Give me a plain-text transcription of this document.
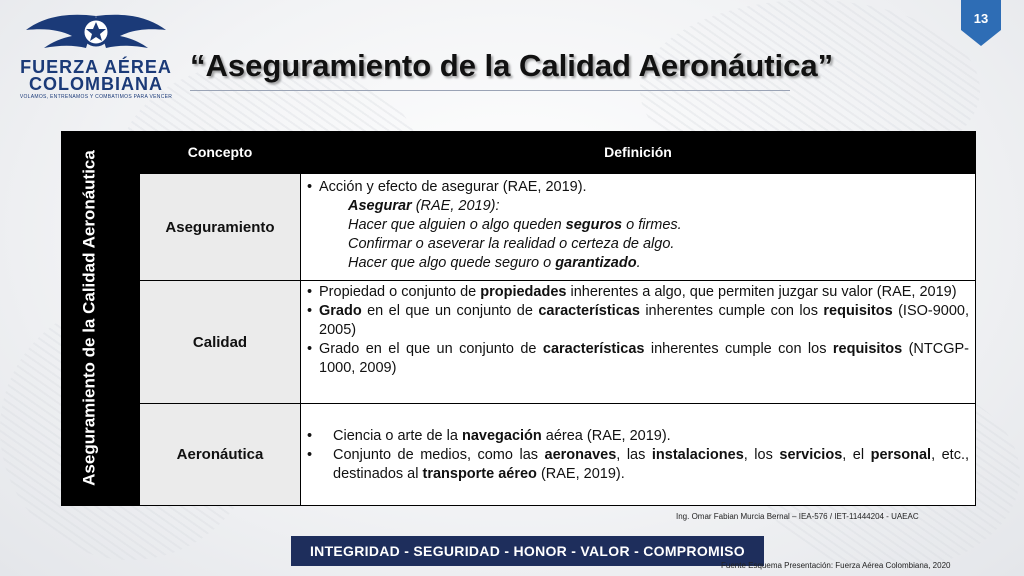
FUERZA AÉREA
COLOMBIANA
VOLAMOS, ENTRENAMOS Y COMBATIMOS PARA VENCER
“Aseguramiento de la Calidad Aeronáutica”
13
Aseguramiento de la Calidad Aeronáutica	Concepto	Definición
Aseguramiento
• Acción y efecto de asegurar (RAE, 2019).
Asegurar (RAE, 2019):
Hacer que alguien o algo queden seguros o firmes.
Confirmar o aseverar la realidad o certeza de algo.
Hacer que algo quede seguro o garantizado.
Calidad
• Propiedad o conjunto de propiedades inherentes a algo, que permiten juzgar su valor (RAE, 2019)
• Grado en el que un conjunto de características inherentes cumple con los requisitos (ISO-9000, 2005)
• Grado en el que un conjunto de características inherentes cumple con los requisitos (NTCGP-1000, 2009)
Aeronáutica
• Ciencia o arte de la navegación aérea (RAE, 2019).
• Conjunto de medios, como las aeronaves, las instalaciones, los servicios, el personal, etc., destinados al transporte aéreo (RAE, 2019).
Ing. Omar Fabian Murcia Bernal – IEA-576 / IET-11444204 - UAEAC
INTEGRIDAD - SEGURIDAD - HONOR - VALOR - COMPROMISO
Fuente Esquema Presentación: Fuerza Aérea Colombiana, 2020
